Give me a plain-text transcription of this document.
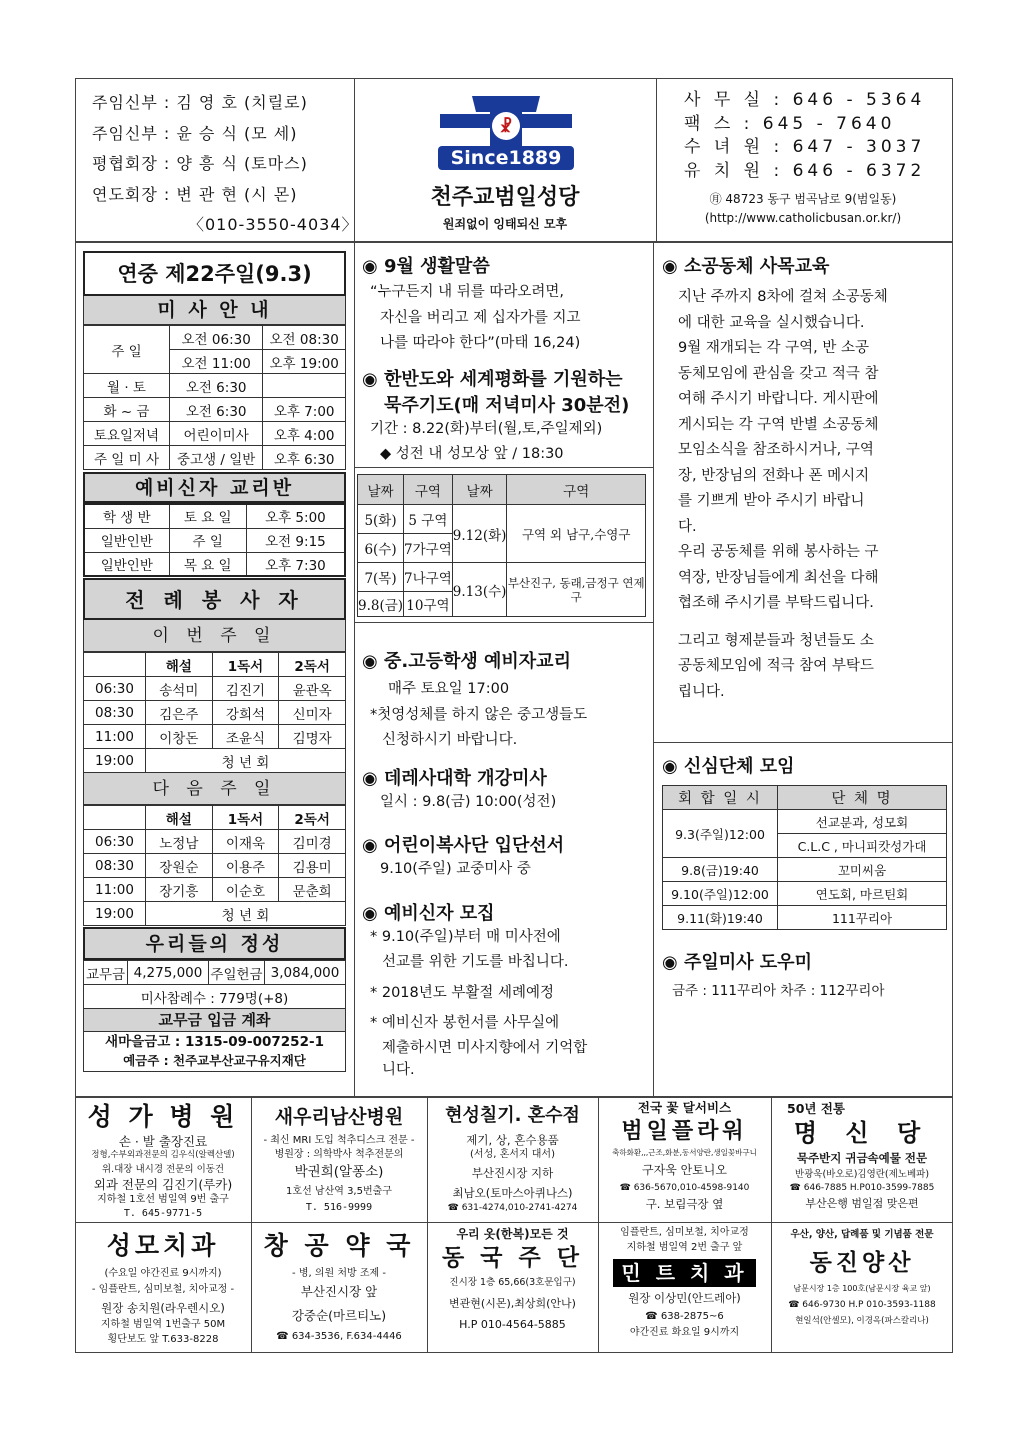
주임신부 : 김 영 호 (치릴로)
주임신부 : 윤 승 식 (모 세)
평협회장 : 양 흥 식 (토마스)
연도회장 : 변 관 현 (시 몬)
〈010-3550-4034〉
☧
Since1889
천주교범일성당
원죄없이 잉태되신 모후
사 무 실 : 646 - 5364
팩 스 : 645 - 7640
수 녀 원 : 647 - 3037
유 치 원 : 646 - 6372
㊊ 48723 동구 범곡남로 9(범일동)
(http://www.catholicbusan.or.kr/)
연중 제22주일(9.3)
미 사 안 내
주 일	오전 06:30	오전 08:30
	오전 11:00	오후 19:00
월 · 토	오전 6:30	
화 ~ 금	오전 6:30	오후 7:00
토요일저녁	어린이미사	오후 4:00
주 일 미 사	중고생 / 일반	오후 6:30
예비신자 교리반
학 생 반	토 요 일	오후 5:00
일반인반	주 일	오전 9:15
일반인반	목 요 일	오후 7:30
전 례 봉 사 자
이 번 주 일
	해설	1독서	2독서
06:30	송석미	김진기	윤관옥
08:30	김은주	강희석	신미자
11:00	이창돈	조윤식	김명자
19:00	청 년 회		
다 음 주 일
	해설	1독서	2독서
06:30	노정남	이재욱	김미경
08:30	장원순	이용주	김용미
11:00	장기흥	이순호	문춘희
19:00	청 년 회		
우리들의 정성
교무금	4,275,000	주일헌금	3,084,000
미사참례수 : 779명(+8)
교무금 입금 계좌
새마을금고 : 1315-09-007252-1
예금주 : 천주교부산교구유지재단
◉ 9월 생활말씀
“누구든지 내 뒤를 따라오려면,
자신을 버리고 제 십자가를 지고
나를 따라야 한다”(마태 16,24)
◉ 한반도와 세계평화를 기원하는
묵주기도(매 저녁미사 30분전)
기간 : 8.22(화)부터(월,토,주일제외)
◆ 성전 내 성모상 앞 / 18:30
날짜	구역	날짜	구역
5(화)	5 구역	9.12(화)	구역 외 남구,수영구
6(수)	7가구역		
7(목)	7나구역	9.13(수)	부산진구, 동래,금정구 연제구
9.8(금)	10구역		
◉ 중.고등학생 예비자교리
매주 토요일 17:00
*첫영성체를 하지 않은 중고생들도
신청하시기 바랍니다.
◉ 데레사대학 개강미사
일시 : 9.8(금) 10:00(성전)
◉ 어린이복사단 입단선서
9.10(주일) 교중미사 중
◉ 예비신자 모집
* 9.10(주일)부터 매 미사전에
선교를 위한 기도를 바칩니다.
* 2018년도 부활절 세례예정
* 예비신자 봉헌서를 사무실에
제출하시면 미사지향에서 기억합
니다.
◉ 소공동체 사목교육
지난 주까지 8차에 걸쳐 소공동체
에 대한 교육을 실시했습니다.
9월 재개되는 각 구역, 반 소공
동체모임에 관심을 갖고 적극 참
여해 주시기 바랍니다. 게시판에
게시되는 각 구역 반별 소공동체
모임소식을 참조하시거나, 구역
장, 반장님의 전화나 폰 메시지
를 기쁘게 받아 주시기 바랍니
다.
우리 공동체를 위해 봉사하는 구
역장, 반장님들에게 최선을 다해
협조해 주시기를 부탁드립니다.
그리고 형제분들과 청년들도 소
공동체모임에 적극 참여 부탁드
립니다.
◉ 신심단체 모임
회 합 일 시	단 체 명
9.3(주일)12:00	선교분과, 성모회
	C.L.C , 마니피캇성가대
9.8(금)19:40	꼬미씨움
9.10(주일)12:00	연도회, 마르틴회
9.11(화)19:40	111꾸리아
◉ 주일미사 도우미
금주 : 111꾸리아 차주 : 112꾸리아
성 가 병 원
손 · 발 출장진료
정형,수부외과전문의 김우식(알렉산델)
위.대장 내시경 전문의 이동건
외과 전문의 김진기(루카)
지하철 1호선 범일역 9번 출구
T. 645-9771-5
새우리남산병원
- 최신 MRI 도입 척추디스크 전문 -
병원장 : 의학박사 척추전문의
박권희(알퐁소)
1호선 남산역 3,5번출구
T. 516-9999
현성칠기. 혼수점
제기, 상, 혼수용품
(서성, 혼서지 대서)
부산진시장 지하
최남오(토마스아퀴나스)
☎ 631-4274,010-2741-4274
전국 꽃 달서비스
범일플라워
축하화환,,,근조,화분,동서양란,생일꽃바구니
구자욱 안토니오
☎ 636-5670,010-4598-9140
구. 보림극장 옆
50년 전통
명 신 당
묵주반지 귀금속예물 전문
반광욱(바오로)김영란(제노베파)
☎ 646-7885 H.P010-3599-7885
부산은행 범일점 맞은편
성모치과
(수요일 야간진료 9시까지)
- 임플란트, 심미보철, 치아교정 -
원장 송치원(라우렌시오)
지하철 범일역 1번출구 50M
횡단보도 앞 T.633-8228
창 공 약 국
- 병, 의원 처방 조제 -
부산진시장 앞
강중순(마르티노)
☎ 634-3536, F.634-4446
우리 옷(한복)모든 것
동 국 주 단
진시장 1층 65,66(3호문입구)
변관현(시몬),최상희(안나)
H.P 010-4564-5885
임플란트, 심미보철, 치아교정
지하철 범일역 2번 출구 앞
민 트 치 과
원장 이상민(안드레아)
☎ 638-2875~6
야간진료 화요일 9시까지
우산, 양산, 답례품 및 기념품 전문
동진양산
남문시장 1층 100호(남문시장 육교 앞)
☎ 646-9730 H.P 010-3593-1188
현일석(안셀모), 이경옥(파스칼리나)
